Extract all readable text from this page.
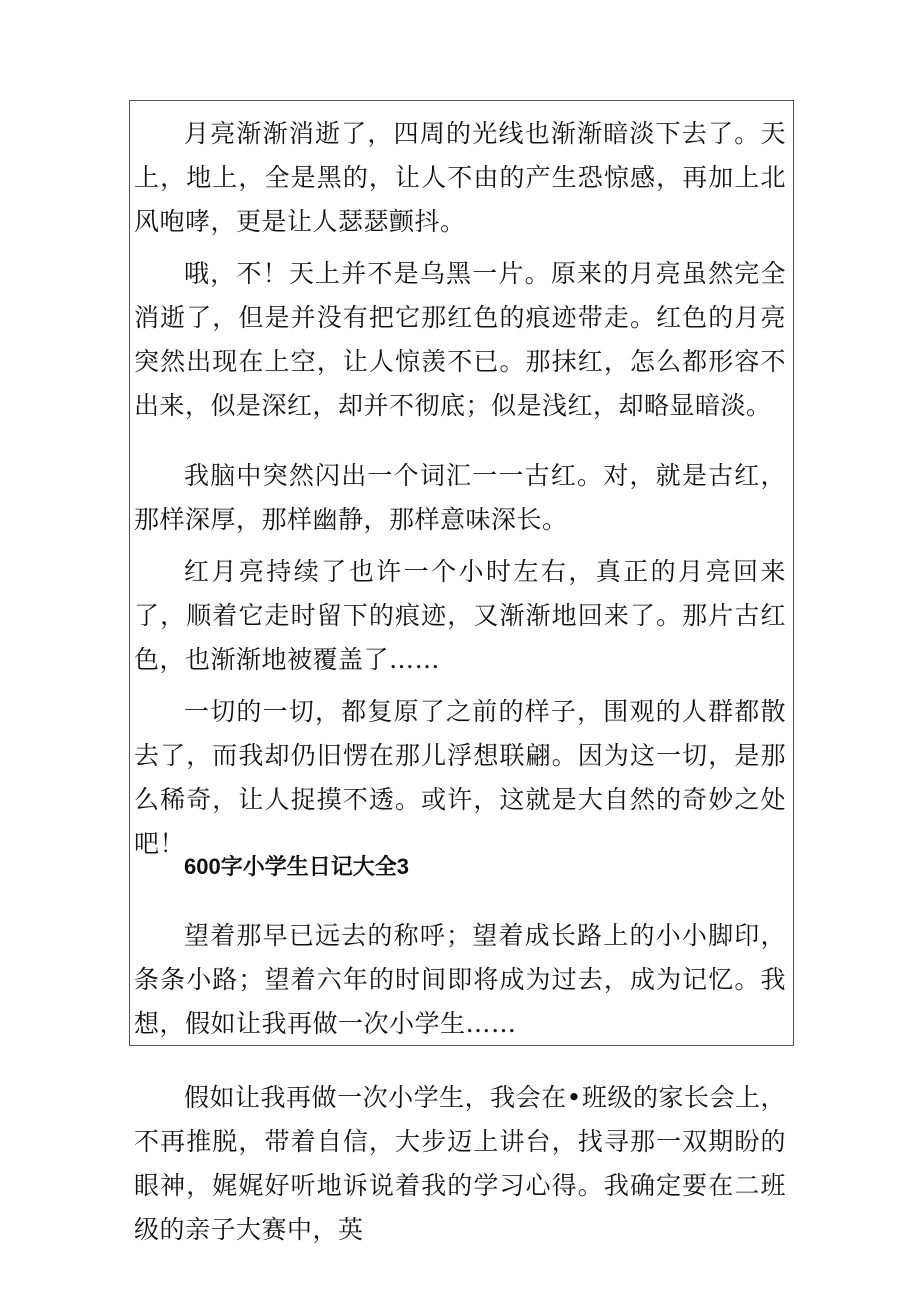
月亮渐渐消逝了，四周的光线也渐渐暗淡下去了。天上，地上，全是黑的，让人不由的产生恐惊感，再加上北风咆哮，更是让人瑟瑟颤抖。

哦，不！天上并不是乌黑一片。原来的月亮虽然完全消逝了，但是并没有把它那红色的痕迹带走。红色的月亮突然出现在上空，让人惊羡不已。那抹红，怎么都形容不出来，似是深红，却并不彻底；似是浅红，却略显暗淡。

我脑中突然闪出一个词汇一一古红。对，就是古红，那样深厚，那样幽静，那样意味深长。

红月亮持续了也许一个小时左右，真正的月亮回来了，顺着它走时留下的痕迹，又渐渐地回来了。那片古红色，也渐渐地被覆盖了……

一切的一切，都复原了之前的样子，围观的人群都散去了，而我却仍旧愣在那儿浮想联翩。因为这一切，是那么稀奇，让人捉摸不透。或许，这就是大自然的奇妙之处吧！

600字小学生日记大全3

望着那早已远去的称呼；望着成长路上的小小脚印，条条小路；望着六年的时间即将成为过去，成为记忆。我想，假如让我再做一次小学生……

假如让我再做一次小学生，我会在•班级的家长会上，不再推脱，带着自信，大步迈上讲台，找寻那一双期盼的眼神，娓娓好听地诉说着我的学习心得。我确定要在二班级的亲子大赛中，英
